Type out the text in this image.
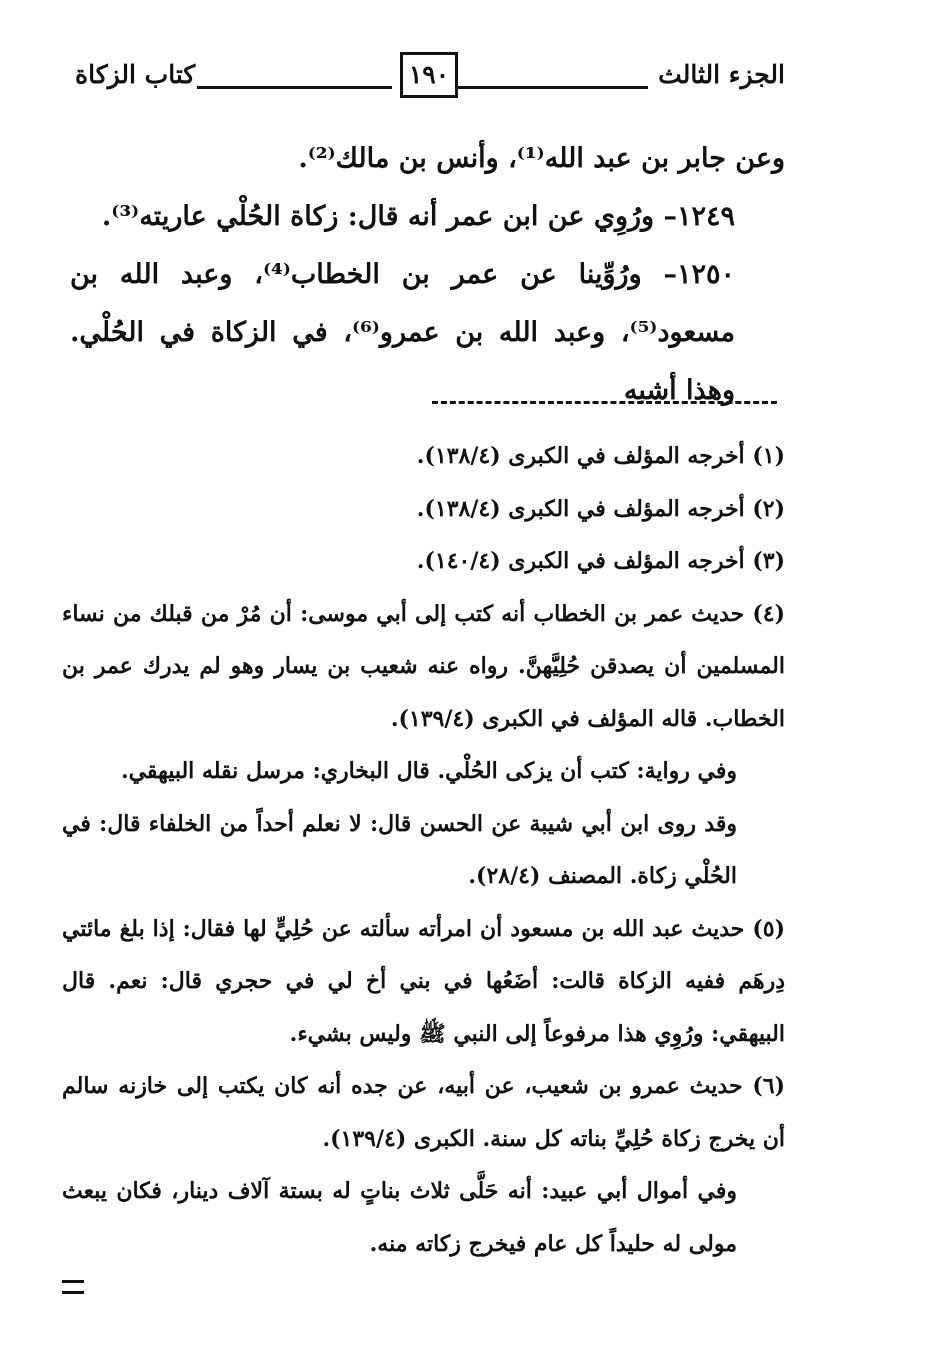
الجزء الثالث
١٩٠
كتاب الزكاة

وعن جابر بن عبد الله⁽¹⁾، وأنس بن مالك⁽²⁾.

١٢٤٩– ورُوِي عن ابن عمر أنه قال: زكاة الحُلْي عاريته⁽³⁾.

١٢٥٠– ورُوِّينا عن عمر بن الخطاب⁽⁴⁾، وعبد الله بن مسعود⁽⁵⁾، وعبد الله بن عمرو⁽⁶⁾، في الزكاة في الحُلْي. وهذا أشبه

(١) أخرجه المؤلف في الكبرى (١٣٨/٤).

(٢) أخرجه المؤلف في الكبرى (١٣٨/٤).

(٣) أخرجه المؤلف في الكبرى (١٤٠/٤).

(٤) حديث عمر بن الخطاب أنه كتب إلى أبي موسى: أن مُرْ من قبلك من نساء المسلمين أن يصدقن حُلِيَّهنَّ. رواه عنه شعيب بن يسار وهو لم يدرك عمر بن الخطاب. قاله المؤلف في الكبرى (١٣٩/٤).

وفي رواية: كتب أن يزكى الحُلْي. قال البخاري: مرسل نقله البيهقي.

وقد روى ابن أبي شيبة عن الحسن قال: لا نعلم أحداً من الخلفاء قال: في الحُلْي زكاة. المصنف (٢٨/٤).

(٥) حديث عبد الله بن مسعود أن امرأته سألته عن حُلِيٍّ لها فقال: إذا بلغ مائتي دِرهَم ففيه الزكاة قالت: أضَعُها في بني أخ لي في حجري قال: نعم. قال البيهقي: ورُوِي هذا مرفوعاً إلى النبي ﷺ وليس بشيء.

(٦) حديث عمرو بن شعيب، عن أبيه، عن جده أنه كان يكتب إلى خازنه سالم أن يخرج زكاة حُلِيِّ بناته كل سنة. الكبرى (١٣٩/٤).

وفي أموال أبي عبيد: أنه حَلَّى ثلاث بناتٍ له بستة آلاف دينار، فكان يبعث مولى له حليداً كل عام فيخرج زكاته منه.
